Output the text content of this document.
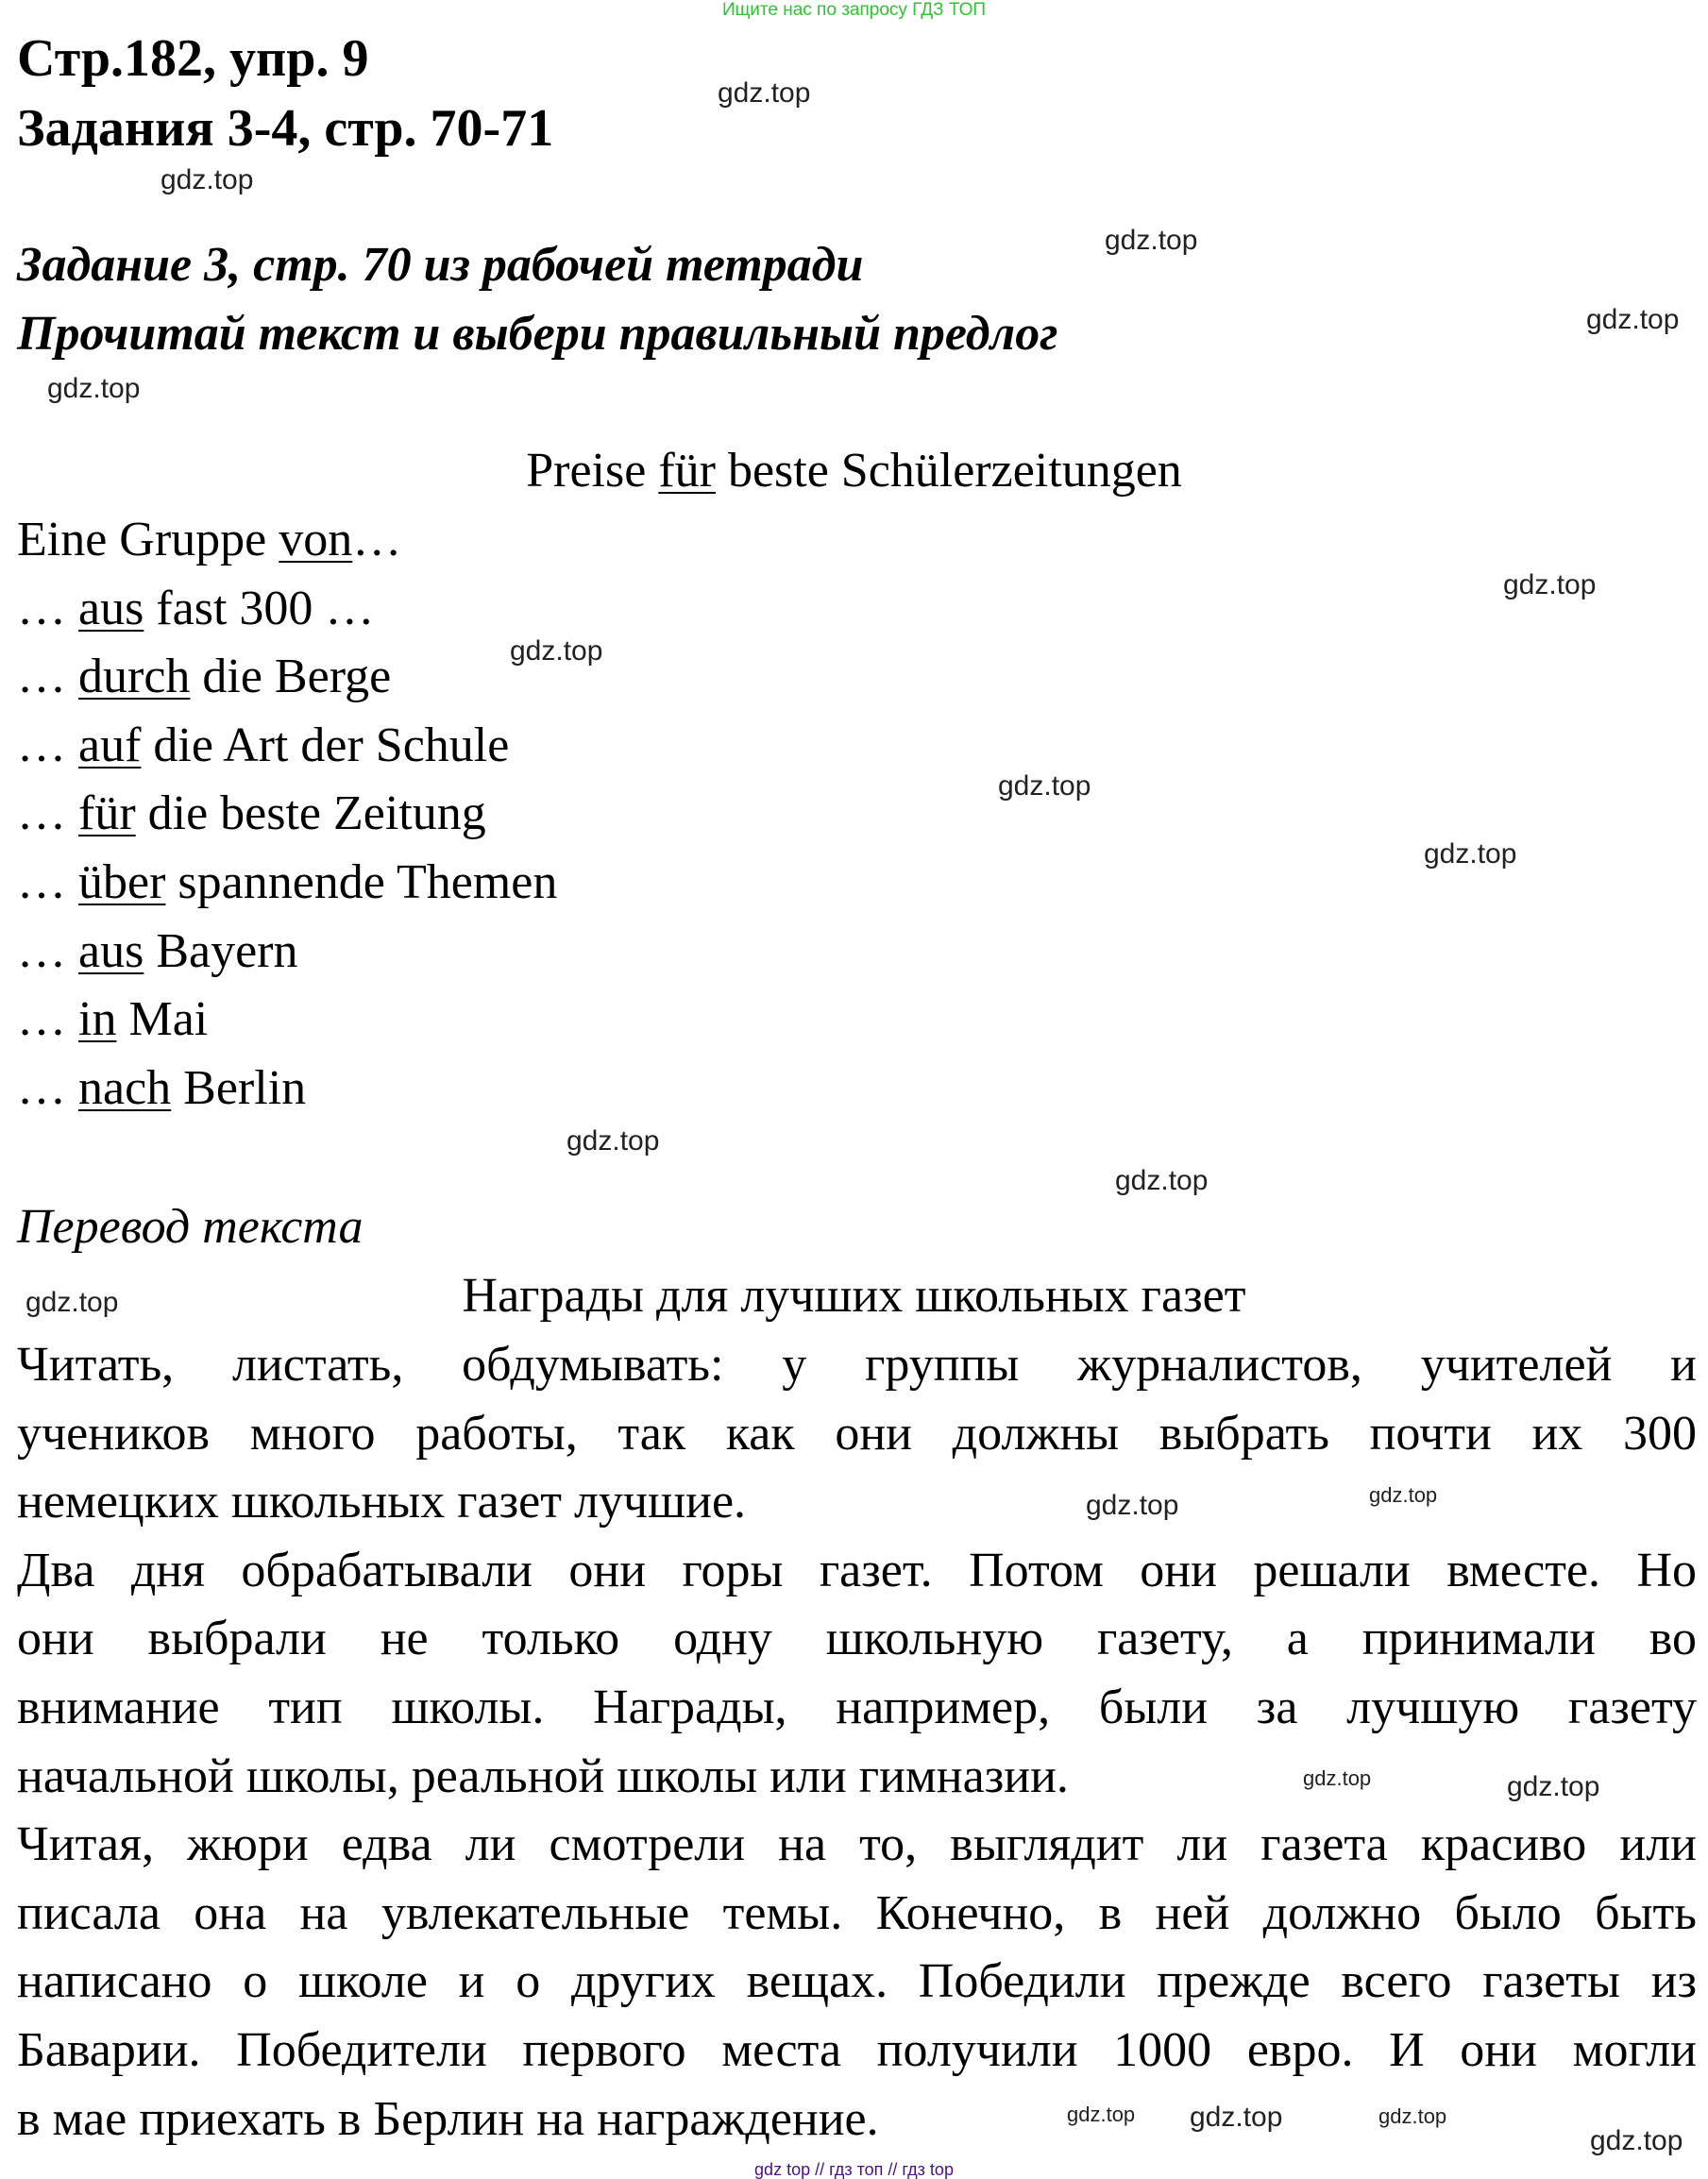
Ищите нас по запросу ГДЗ ТОП
Стр.182, упр. 9
Задания 3-4, стр. 70-71
Задание 3, стр. 70 из рабочей тетради
Прочитай текст и выбери правильный предлог
Preise für beste Schülerzeitungen
Eine Gruppe von…
… aus fast 300 …
… durch die Berge
… auf die Art der Schule
… für die beste Zeitung
… über spannende Themen
… aus Bayern
… in Mai
… nach Berlin
Перевод текста
Награды для лучших школьных газет
Читать, листать, обдумывать: у группы журналистов, учителей и
учеников много работы, так как они должны выбрать почти их 300
немецких школьных газет лучшие.
Два дня обрабатывали они горы газет. Потом они решали вместе. Но
они выбрали не только одну школьную газету, а принимали во
внимание тип школы. Награды, например, были за лучшую газету
начальной школы, реальной школы или гимназии.
Читая, жюри едва ли смотрели на то, выглядит ли газета красиво или
писала она на увлекательные темы. Конечно, в ней должно было быть
написано о школе и о других вещах. Победили прежде всего газеты из
Баварии. Победители первого места получили 1000 евро. И они могли
в мае приехать в Берлин на награждение.
gdz.top
gdz.top
gdz.top
gdz.top
gdz.top
gdz.top
gdz.top
gdz.top
gdz.top
gdz.top
gdz.top
gdz.top
gdz.top
gdz.top
gdz.top	gdz.top
gdz.top	gdz.top
gdz.top
gdz.top
gdz top // гдз топ // гдз top
